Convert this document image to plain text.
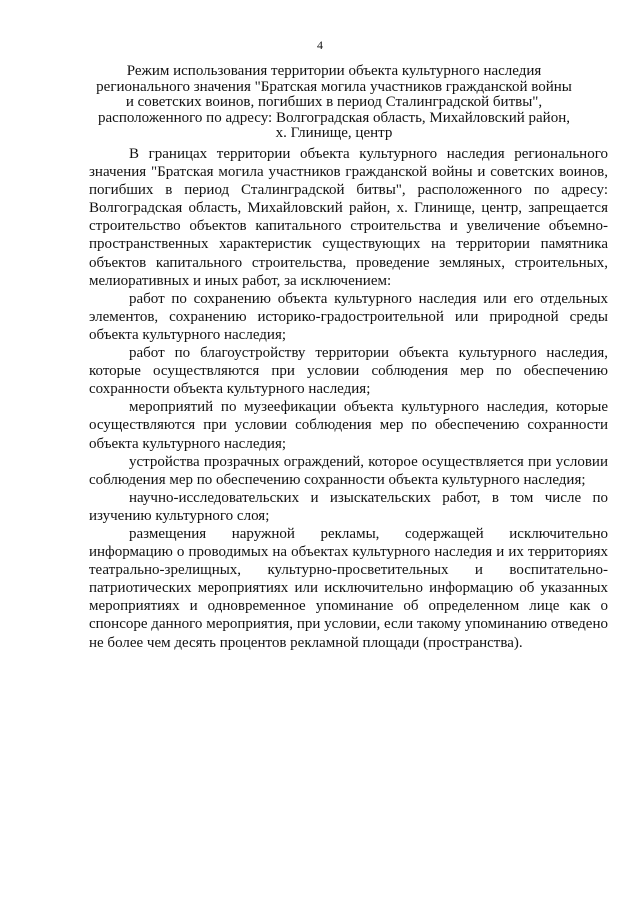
4
Режим использования территории объекта культурного наследия
регионального значения "Братская могила участников гражданской войны
и советских воинов, погибших в период Сталинградской битвы",
расположенного по адресу: Волгоградская область, Михайловский район,
х. Глинище, центр

В границах территории объекта культурного наследия регионального значения "Братская могила участников гражданской войны и советских воинов, погибших в период Сталинградской битвы", расположенного по адресу: Волгоградская область, Михайловский район, х. Глинище, центр, запрещается строительство объектов капитального строительства и увеличение объемно-пространственных характеристик существующих на территории памятника объектов капитального строительства, проведение земляных, строительных, мелиоративных и иных работ, за исключением:

работ по сохранению объекта культурного наследия или его отдельных элементов, сохранению историко-градостроительной или природной среды объекта культурного наследия;

работ по благоустройству территории объекта культурного наследия, которые осуществляются при условии соблюдения мер по обеспечению сохранности объекта культурного наследия;

мероприятий по музеефикации объекта культурного наследия, которые осуществляются при условии соблюдения мер по обеспечению сохранности объекта культурного наследия;

устройства прозрачных ограждений, которое осуществляется при условии соблюдения мер по обеспечению сохранности объекта культурного наследия;

научно-исследовательских и изыскательских работ, в том числе по изучению культурного слоя;

размещения наружной рекламы, содержащей исключительно информацию о проводимых на объектах культурного наследия и их территориях театрально-зрелищных, культурно-просветительных и воспитательно-патриотических мероприятиях или исключительно информацию об указанных мероприятиях и одновременное упоминание об определенном лице как о спонсоре данного мероприятия, при условии, если такому упоминанию отведено не более чем десять процентов рекламной площади (пространства).
